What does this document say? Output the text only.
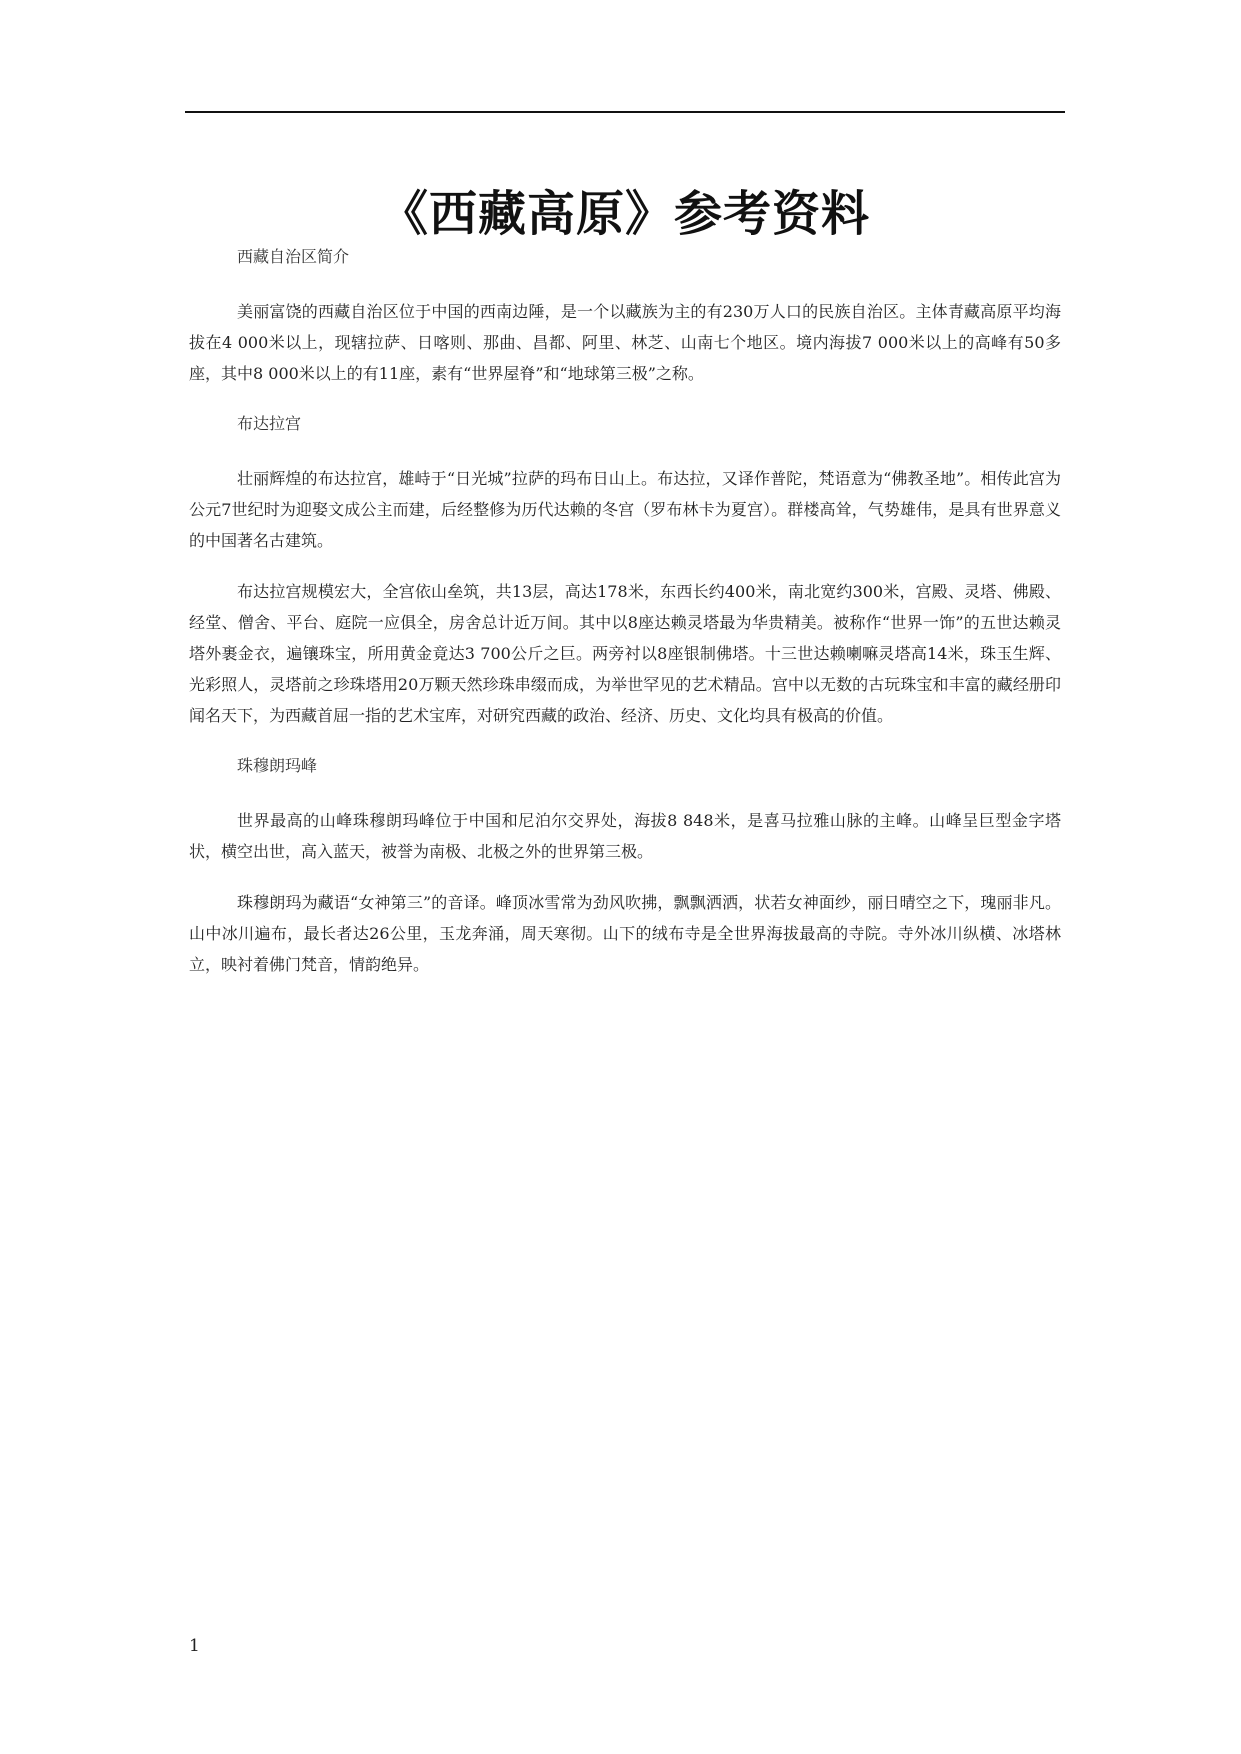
《西藏高原》参考资料

西藏自治区简介

美丽富饶的西藏自治区位于中国的西南边陲，是一个以藏族为主的有230万人口的民族自治区。主体青藏高原平均海拔在4 000米以上，现辖拉萨、日喀则、那曲、昌都、阿里、林芝、山南七个地区。境内海拔7 000米以上的高峰有50多座，其中8 000米以上的有11座，素有“世界屋脊”和“地球第三极”之称。

布达拉宫

壮丽辉煌的布达拉宫，雄峙于“日光城”拉萨的玛布日山上。布达拉，又译作普陀，梵语意为“佛教圣地”。相传此宫为公元7世纪时为迎娶文成公主而建，后经整修为历代达赖的冬宫（罗布林卡为夏宫）。群楼高耸，气势雄伟，是具有世界意义的中国著名古建筑。

布达拉宫规模宏大，全宫依山垒筑，共13层，高达178米，东西长约400米，南北宽约300米，宫殿、灵塔、佛殿、经堂、僧舍、平台、庭院一应俱全，房舍总计近万间。其中以8座达赖灵塔最为华贵精美。被称作“世界一饰”的五世达赖灵塔外裹金衣，遍镶珠宝，所用黄金竟达3 700公斤之巨。两旁衬以8座银制佛塔。十三世达赖喇嘛灵塔高14米，珠玉生辉、光彩照人，灵塔前之珍珠塔用20万颗天然珍珠串缀而成，为举世罕见的艺术精品。宫中以无数的古玩珠宝和丰富的藏经册印闻名天下，为西藏首屈一指的艺术宝库，对研究西藏的政治、经济、历史、文化均具有极高的价值。

珠穆朗玛峰

世界最高的山峰珠穆朗玛峰位于中国和尼泊尔交界处，海拔8 848米，是喜马拉雅山脉的主峰。山峰呈巨型金字塔状，横空出世，高入蓝天，被誉为南极、北极之外的世界第三极。

珠穆朗玛为藏语“女神第三”的音译。峰顶冰雪常为劲风吹拂，飘飘洒洒，状若女神面纱，丽日晴空之下，瑰丽非凡。山中冰川遍布，最长者达26公里，玉龙奔涌，周天寒彻。山下的绒布寺是全世界海拔最高的寺院。寺外冰川纵横、冰塔林立，映衬着佛门梵音，情韵绝异。

1
